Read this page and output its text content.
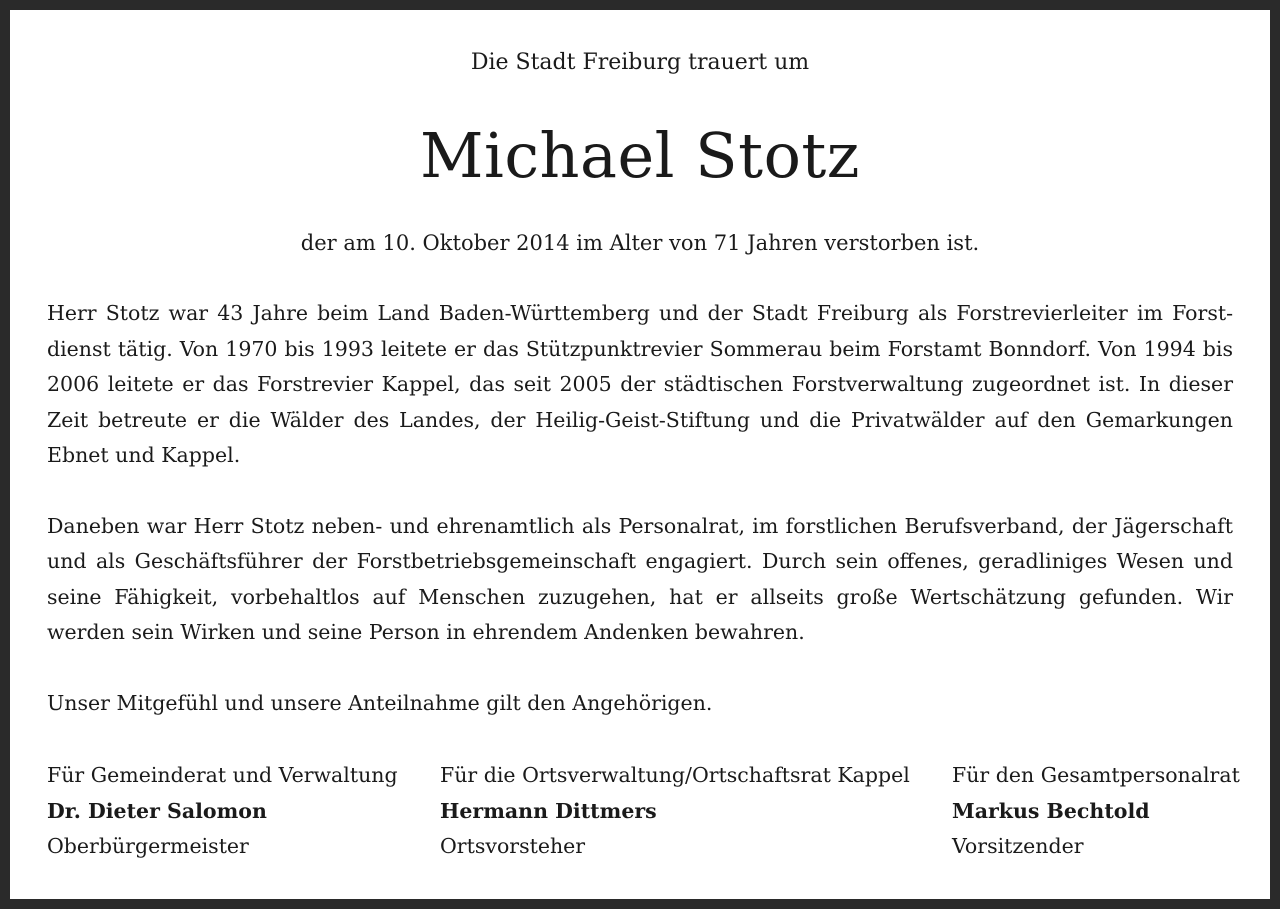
Die Stadt Freiburg trauert um
Michael Stotz
der am 10. Oktober 2014 im Alter von 71 Jahren verstorben ist.

Herr Stotz war 43 Jahre beim Land Baden-Württemberg und der Stadt Freiburg als Forstrevierleiter im Forst-dienst tätig. Von 1970 bis 1993 leitete er das Stützpunktrevier Sommerau beim Forstamt Bonndorf. Von 1994 bis 2006 leitete er das Forstrevier Kappel, das seit 2005 der städtischen Forstverwaltung zugeordnet ist. In dieser Zeit betreute er die Wälder des Landes, der Heilig-Geist-Stiftung und die Privatwälder auf den Gemarkungen Ebnet und Kappel.

Daneben war Herr Stotz neben- und ehrenamtlich als Personalrat, im forstlichen Berufsverband, der Jägerschaft und als Geschäftsführer der Forstbetriebsgemeinschaft engagiert. Durch sein offenes, geradliniges Wesen und seine Fähigkeit, vorbehaltlos auf Menschen zuzugehen, hat er allseits große Wertschätzung gefunden. Wir werden sein Wirken und seine Person in ehrendem Andenken bewahren.

Unser Mitgefühl und unsere Anteilnahme gilt den Angehörigen.

Für Gemeinderat und Verwaltung
Dr. Dieter Salomon
Oberbürgermeister
Für die Ortsverwaltung/Ortschaftsrat Kappel
Hermann Dittmers
Ortsvorsteher
Für den Gesamtpersonalrat
Markus Bechtold
Vorsitzender
